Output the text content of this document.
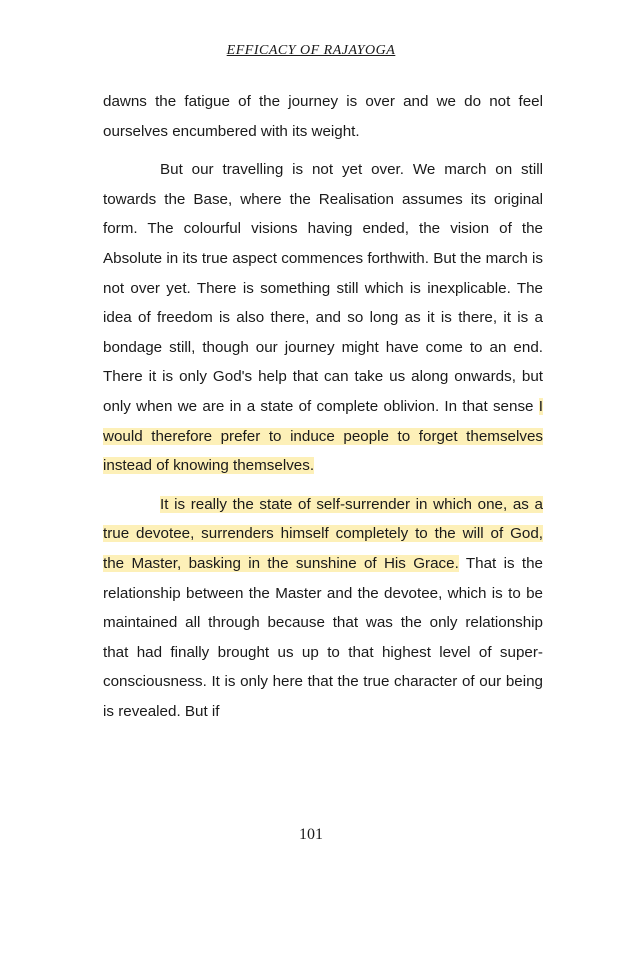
EFFICACY OF RAJAYOGA

dawns the fatigue of the journey is over and we do not feel ourselves encumbered with its weight.

But our travelling is not yet over. We march on still towards the Base, where the Realisation assumes its original form. The colourful visions having ended, the vision of the Absolute in its true aspect commences forthwith. But the march is not over yet. There is something still which is inexplicable. The idea of freedom is also there, and so long as it is there, it is a bondage still, though our journey might have come to an end. There it is only God's help that can take us along onwards, but only when we are in a state of complete oblivion. In that sense I would therefore prefer to induce people to forget themselves instead of knowing themselves.

It is really the state of self-surrender in which one, as a true devotee, surrenders himself completely to the will of God, the Master, basking in the sunshine of His Grace. That is the relationship between the Master and the devotee, which is to be maintained all through because that was the only relationship that had finally brought us up to that highest level of super-consciousness. It is only here that the true character of our being is revealed. But if

101
